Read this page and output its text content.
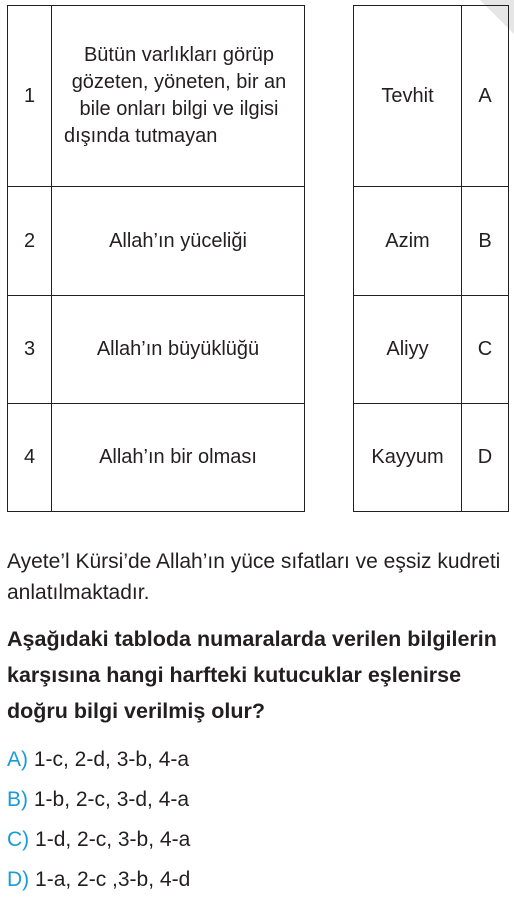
1	Bütün varlıkları görüp gözeten, yöneten, bir an bile onları bilgi ve ilgisi dışında tutmayan
2	Allah’ın yüceliği
3	Allah’ın büyüklüğü
4	Allah’ın bir olması
Tevhit	A
Azim	B
Aliyy	C
Kayyum	D

Ayete’l Kürsi’de Allah’ın yüce sıfatları ve eşsiz kudreti anlatılmaktadır.

Aşağıdaki tabloda numaralarda verilen bilgilerin karşısına hangi harfteki kutucuklar eşlenirse doğru bilgi verilmiş olur?

A) 1-c, 2-d, 3-b, 4-a
B) 1-b, 2-c, 3-d, 4-a
C) 1-d, 2-c, 3-b, 4-a
D) 1-a, 2-c ,3-b, 4-d
